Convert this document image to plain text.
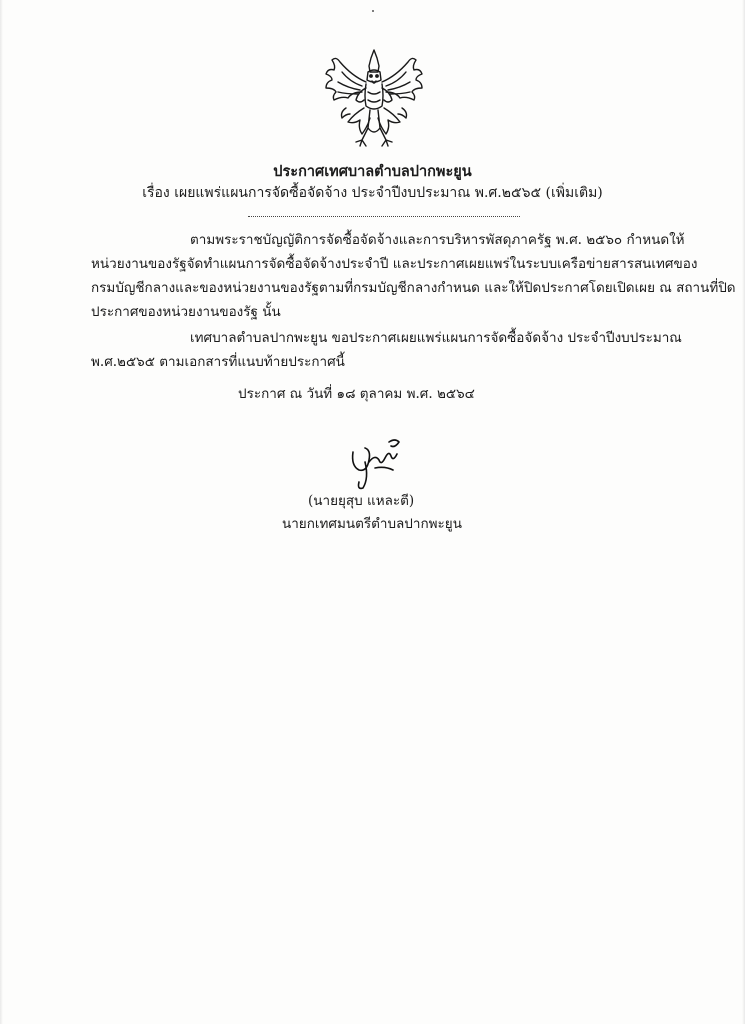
ประกาศเทศบาลตำบลปากพะยูน
เรื่อง เผยแพร่แผนการจัดซื้อจัดจ้าง ประจำปีงบประมาณ พ.ศ.๒๕๖๕ (เพิ่มเติม)
ตามพระราชบัญญัติการจัดซื้อจัดจ้างและการบริหารพัสดุภาครัฐ พ.ศ. ๒๕๖๐ กำหนดให้
หน่วยงานของรัฐจัดทำแผนการจัดซื้อจัดจ้างประจำปี และประกาศเผยแพร่ในระบบเครือข่ายสารสนเทศของ
กรมบัญชีกลางและของหน่วยงานของรัฐตามที่กรมบัญชีกลางกำหนด และให้ปิดประกาศโดยเปิดเผย ณ สถานที่ปิด
ประกาศของหน่วยงานของรัฐ นั้น
เทศบาลตำบลปากพะยูน ขอประกาศเผยแพร่แผนการจัดซื้อจัดจ้าง ประจำปีงบประมาณ
พ.ศ.๒๕๖๕ ตามเอกสารที่แนบท้ายประกาศนี้
ประกาศ ณ วันที่ ๑๘ ตุลาคม พ.ศ. ๒๕๖๔
(นายยุสุบ แหละตี)
นายกเทศมนตรีตำบลปากพะยูน
